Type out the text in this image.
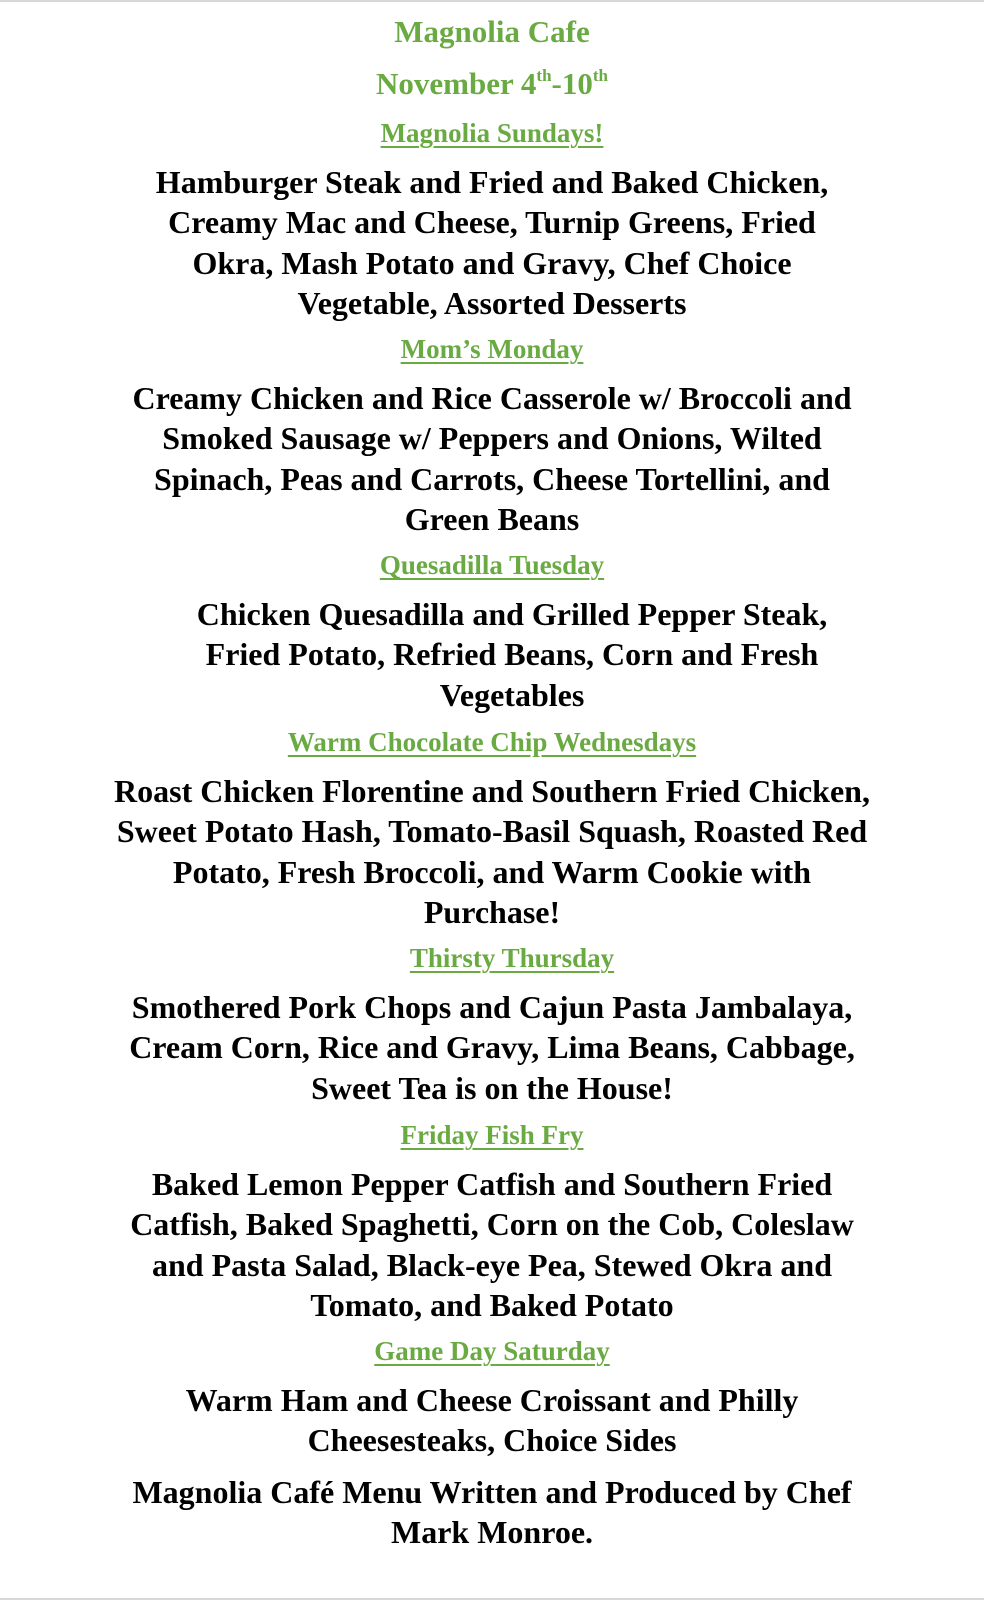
Magnolia Cafe
November 4th-10th
Magnolia Sundays!

Hamburger Steak and Fried and Baked Chicken, Creamy Mac and Cheese, Turnip Greens, Fried Okra, Mash Potato and Gravy, Chef Choice Vegetable, Assorted Desserts

Mom’s Monday

Creamy Chicken and Rice Casserole w/ Broccoli and Smoked Sausage w/ Peppers and Onions, Wilted Spinach, Peas and Carrots, Cheese Tortellini, and Green Beans

Quesadilla Tuesday

Chicken Quesadilla and Grilled Pepper Steak, Fried Potato, Refried Beans, Corn and Fresh Vegetables

Warm Chocolate Chip Wednesdays

Roast Chicken Florentine and Southern Fried Chicken, Sweet Potato Hash, Tomato-Basil Squash, Roasted Red Potato, Fresh Broccoli, and Warm Cookie with Purchase!

Thirsty Thursday

Smothered Pork Chops and Cajun Pasta Jambalaya, Cream Corn, Rice and Gravy, Lima Beans, Cabbage, Sweet Tea is on the House!

Friday Fish Fry

Baked Lemon Pepper Catfish and Southern Fried Catfish, Baked Spaghetti, Corn on the Cob, Coleslaw and Pasta Salad, Black-eye Pea, Stewed Okra and Tomato, and Baked Potato

Game Day Saturday

Warm Ham and Cheese Croissant and Philly Cheesesteaks, Choice Sides

Magnolia Café Menu Written and Produced by Chef Mark Monroe.
